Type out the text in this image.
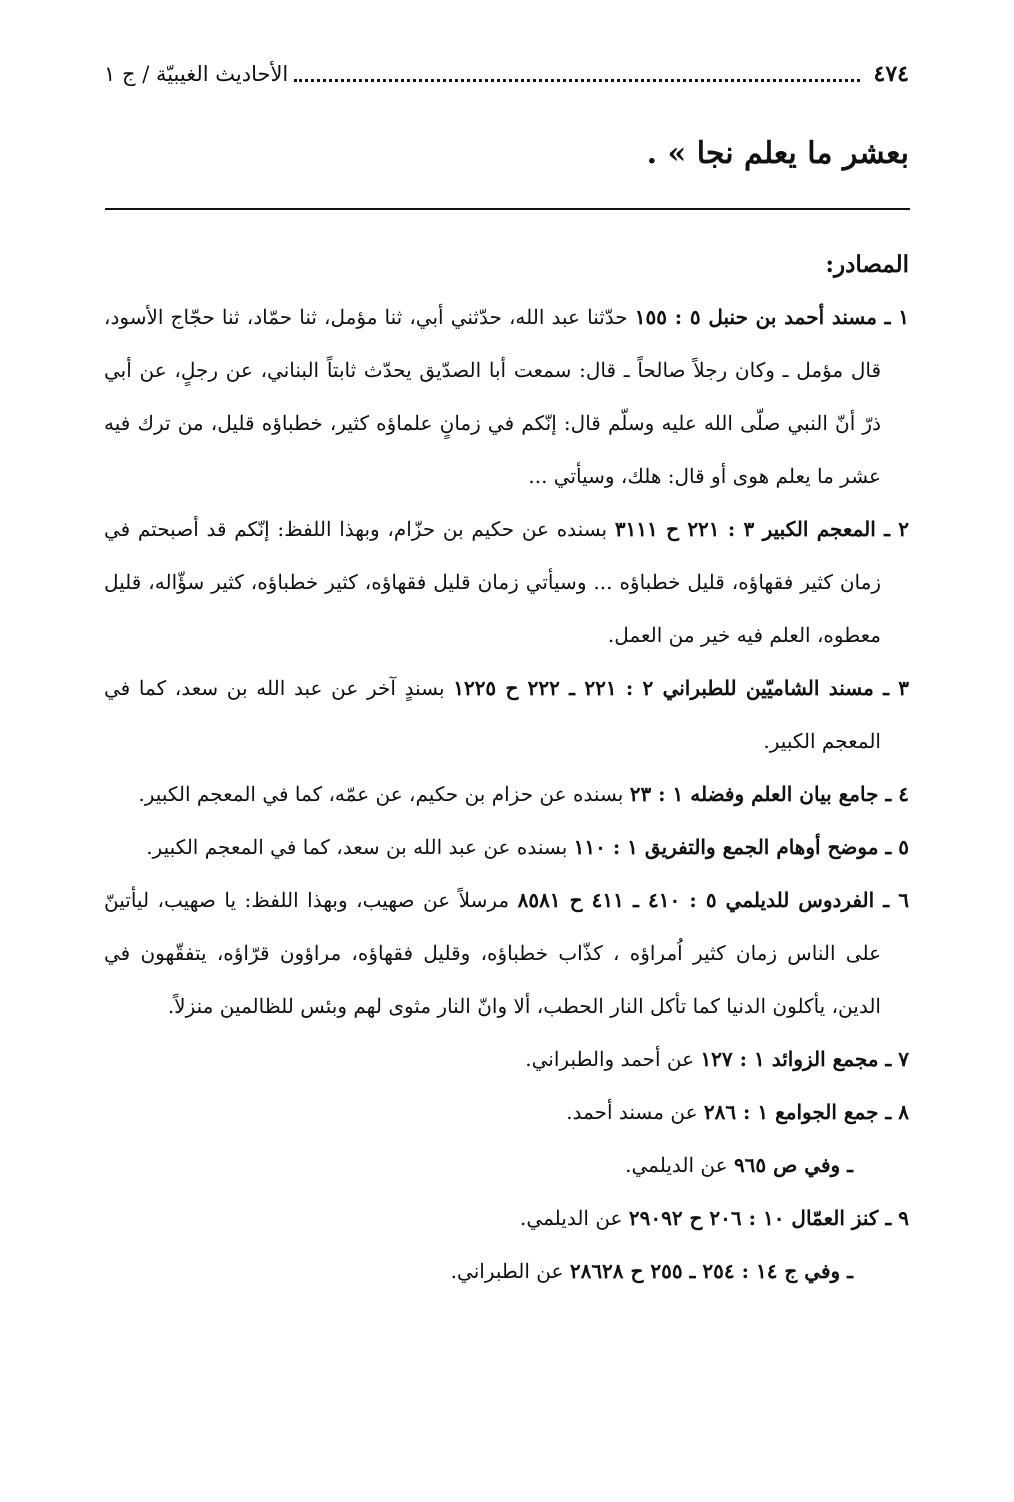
٤٧٤
الأحاديث الغيبيّة / ج ١
بعشر ما يعلم نجا » .
المصادر:
١ ـ مسند أحمد بن حنبل ٥ : ١٥٥ حدّثنا عبد الله، حدّثني أبي، ثنا مؤمل، ثنا حمّاد، ثنا حجّاج الأسود، قال مؤمل ـ وكان رجلاً صالحاً ـ قال: سمعت أبا الصدّيق يحدّث ثابتاً البناني، عن رجلٍ، عن أبي ذرّ أنّ النبي صلّى الله عليه وسلّم قال: إنّكم في زمانٍ علماؤه كثير، خطباؤه قليل، من ترك فيه عشر ما يعلم هوى أو قال: هلك، وسيأتي ...
٢ ـ المعجم الكبير ٣ : ٢٢١ ح ٣١١١ بسنده عن حكيم بن حزّام، وبهذا اللفظ: إنّكم قد أصبحتم في زمان كثير فقهاؤه، قليل خطباؤه ... وسيأتي زمان قليل فقهاؤه، كثير خطباؤه، كثير سؤّاله، قليل معطوه، العلم فيه خير من العمل.
٣ ـ مسند الشاميّين للطبراني ٢ : ٢٢١ ـ ٢٢٢ ح ١٢٢٥ بسندٍ آخر عن عبد الله بن سعد، كما في المعجم الكبير.
٤ ـ جامع بيان العلم وفضله ١ : ٢٣ بسنده عن حزام بن حكيم، عن عمّه، كما في المعجم الكبير.
٥ ـ موضح أوهام الجمع والتفريق ١ : ١١٠ بسنده عن عبد الله بن سعد، كما في المعجم الكبير.
٦ ـ الفردوس للديلمي ٥ : ٤١٠ ـ ٤١١ ح ٨٥٨١ مرسلاً عن صهيب، وبهذا اللفظ: يا صهيب، ليأتينّ على الناس زمان كثير اُمراؤه ، كذّاب خطباؤه، وقليل فقهاؤه، مراؤون قرّاؤه، يتفقّهون في الدين، يأكلون الدنيا كما تأكل النار الحطب، ألا وانّ النار مثوى لهم وبئس للظالمين منزلاً.
٧ ـ مجمع الزوائد ١ : ١٢٧ عن أحمد والطبراني.
٨ ـ جمع الجوامع ١ : ٢٨٦ عن مسند أحمد.
ـ وفي ص ٩٦٥ عن الديلمي.
٩ ـ كنز العمّال ١٠ : ٢٠٦ ح ٢٩٠٩٢ عن الديلمي.
ـ وفي ج ١٤ : ٢٥٤ ـ ٢٥٥ ح ٢٨٦٢٨ عن الطبراني.
